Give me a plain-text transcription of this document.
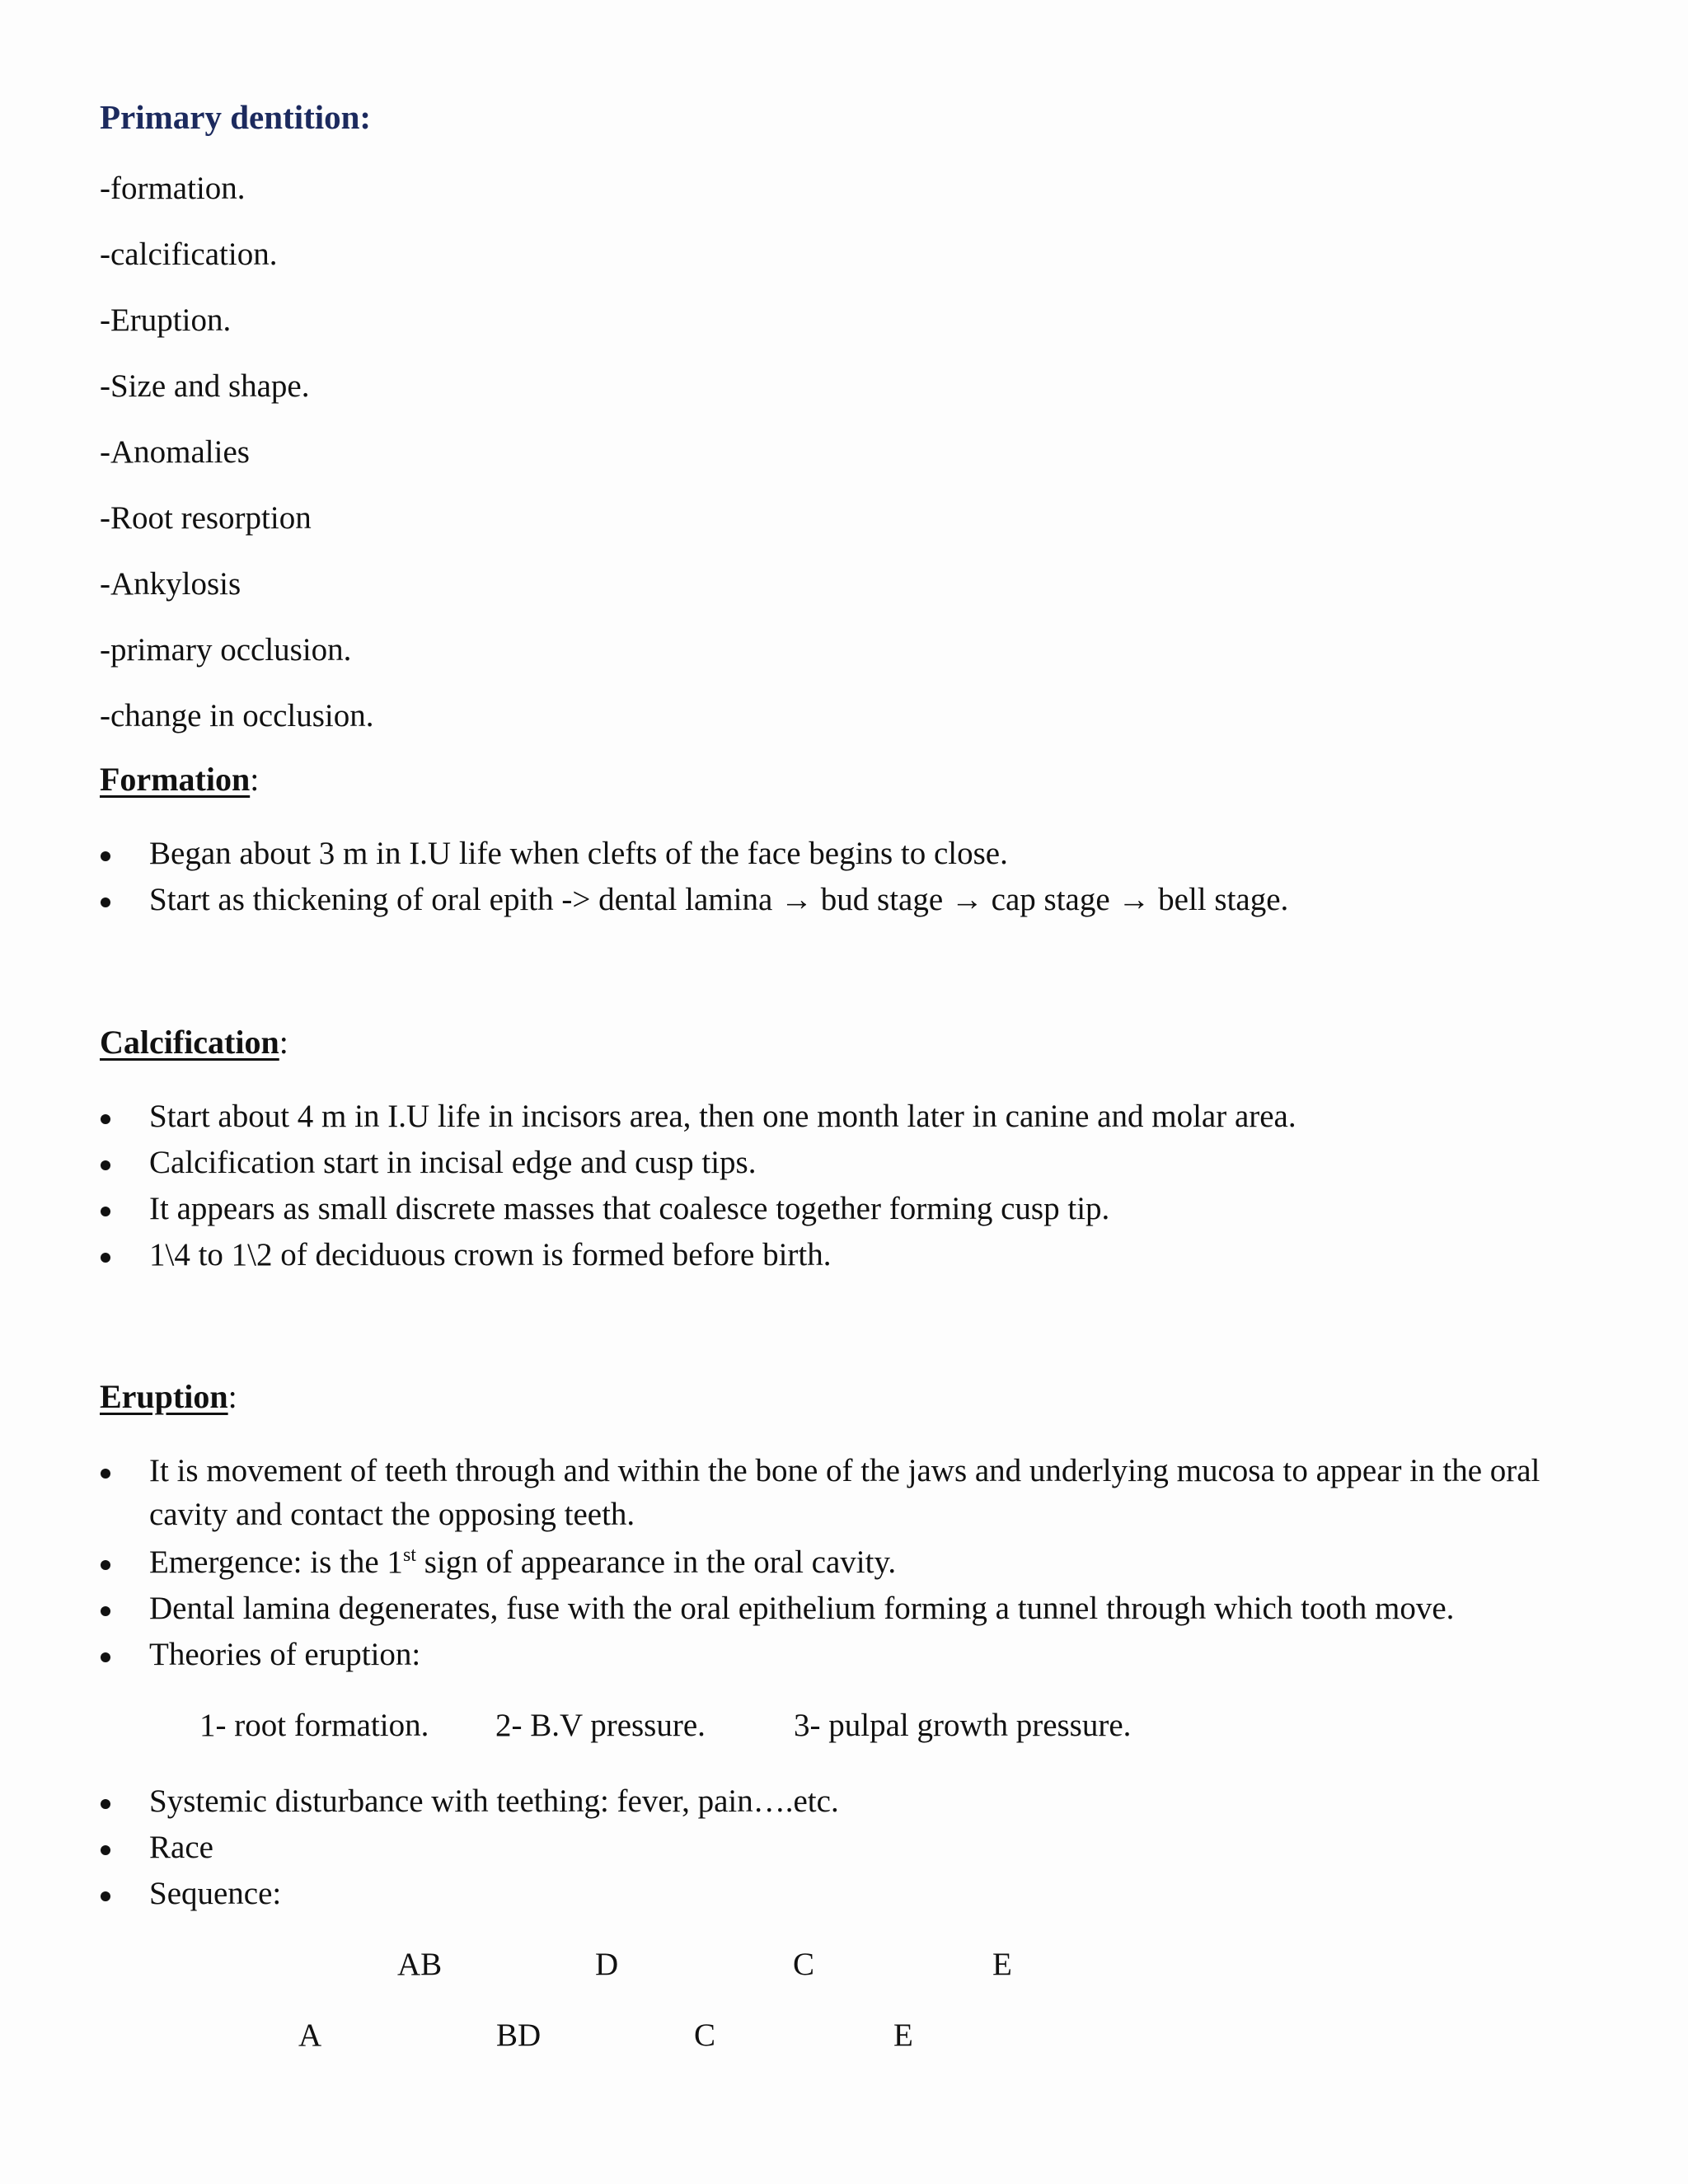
Primary dentition:
-formation.
-calcification.
-Eruption.
-Size and shape.
-Anomalies
-Root resorption
-Ankylosis
-primary occlusion.
-change in occlusion.
Formation:
Began about 3 m in I.U life when clefts of the face begins to close.
Start as thickening of oral epith -> dental lamina → bud stage → cap stage → bell stage.
Calcification:
Start about 4 m in I.U life in incisors area, then one month later in canine and molar area.
Calcification start in incisal edge and cusp tips.
It appears as small discrete masses that coalesce together forming cusp tip.
1\4 to 1\2 of deciduous crown is formed before birth.
Eruption:
It is movement of teeth through and within the bone of the jaws and underlying mucosa to appear in the oral
cavity and contact the opposing teeth.
Emergence: is the 1st sign of appearance in the oral cavity.
Dental lamina degenerates, fuse with the oral epithelium forming a tunnel through which tooth move.
Theories of eruption:
1- root formation. 2- B.V pressure.	3- pulpal growth pressure.
Systemic disturbance with teething: fever, pain….etc.
Race
Sequence:
AB	D	C	E
A	BD	C	E
